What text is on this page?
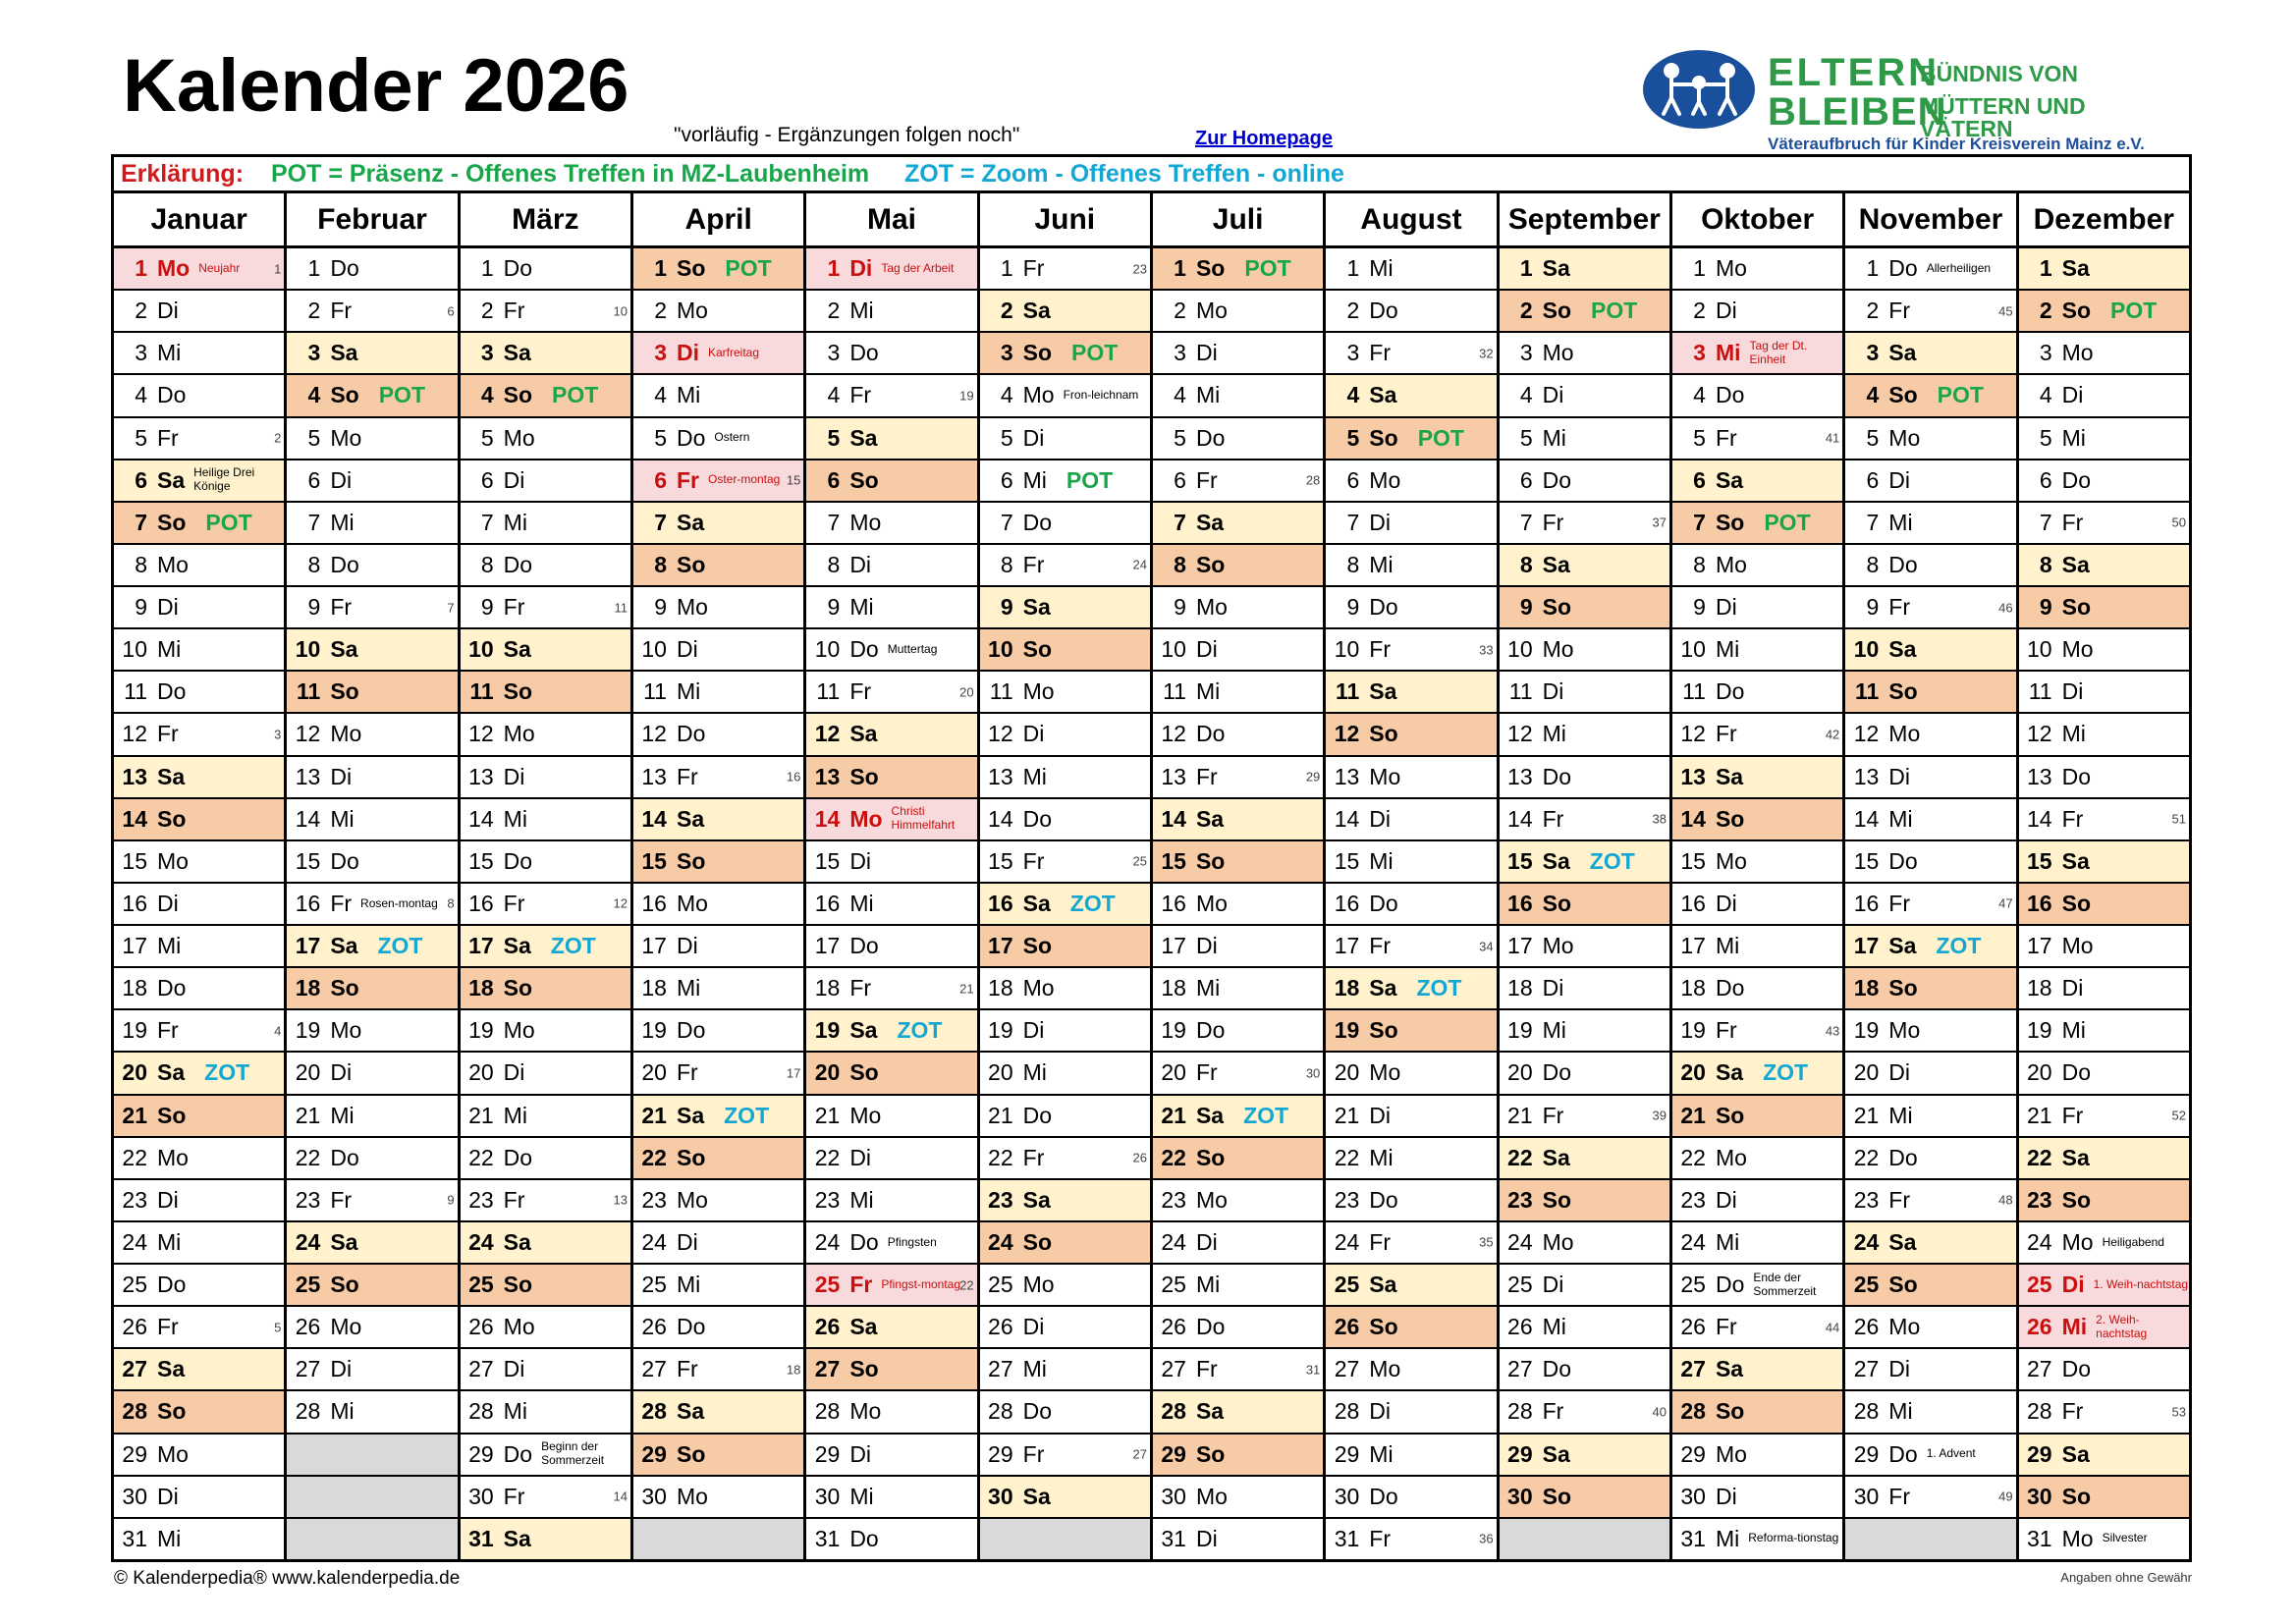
Kalender 2026
"vorläufig - Ergänzungen folgen noch"	Zur Homepage
ELTERN
BLEIBEN
BÜNDNIS VON
MÜTTERN UND VÄTERN
Väteraufbruch für Kinder Kreisverein Mainz e.V.
Erklärung: POT = Präsenz - Offenes Treffen in MZ-Laubenheim ZOT = Zoom - Offenes Treffen - online
Januar
1 Mo Neujahr	1
2 Di
3 Mi
4 Do
5 Fr	2
6 Sa Heilige Drei Könige
7 So POT
8 Mo
9 Di
10 Mi
11 Do
12 Fr	3
13 Sa
14 So
15 Mo
16 Di
17 Mi
18 Do
19 Fr	4
20 Sa ZOT
21 So
22 Mo
23 Di
24 Mi
25 Do
26 Fr	5
27 Sa
28 So
29 Mo
30 Di
31 Mi
Februar
1 Do
2 Fr	6
3 Sa
4 So POT
5 Mo
6 Di
7 Mi
8 Do
9 Fr	7
10 Sa
11 So
12 Mo
13 Di
14 Mi
15 Do
16 Fr Rosen-montag 8
17 Sa ZOT
18 So
19 Mo
20 Di
21 Mi
22 Do
23 Fr	9
24 Sa
25 So
26 Mo
27 Di
28 Mi
März
1 Do
2 Fr	10
3 Sa
4 So POT
5 Mo
6 Di
7 Mi
8 Do
9 Fr	11
10 Sa
11 So
12 Mo
13 Di
14 Mi
15 Do
16 Fr	12
17 Sa ZOT
18 So
19 Mo
20 Di
21 Mi
22 Do
23 Fr	13
24 Sa
25 So
26 Mo
27 Di
28 Mi
29 Do Beginn der Sommerzeit
30 Fr	14
31 Sa
April
1 So POT
2 Mo
3 Di Karfreitag
4 Mi
5 Do Ostern
6 Fr Oster-montag 15
7 Sa
8 So
9 Mo
10 Di
11 Mi
12 Do
13 Fr	16
14 Sa
15 So
16 Mo
17 Di
18 Mi
19 Do
20 Fr	17
21 Sa ZOT
22 So
23 Mo
24 Di
25 Mi
26 Do
27 Fr	18
28 Sa
29 So
30 Mo
Mai
1 Di Tag der Arbeit
2 Mi
3 Do
4 Fr	19
5 Sa
6 So
7 Mo
8 Di
9 Mi
10 Do Muttertag
11 Fr	20
12 Sa
13 So
14 Mo Christi Himmelfahrt
15 Di
16 Mi
17 Do
18 Fr	21
19 Sa ZOT
20 So
21 Mo
22 Di
23 Mi
24 Do Pfingsten
25 Fr Pfingst-montag 22
26 Sa
27 So
28 Mo
29 Di
30 Mi
31 Do
Juni
1 Fr	23
2 Sa
3 So POT
4 Mo Fron-leichnam
5 Di
6 Mi POT
7 Do
8 Fr	24
9 Sa
10 So
11 Mo
12 Di
13 Mi
14 Do
15 Fr	25
16 Sa ZOT
17 So
18 Mo
19 Di
20 Mi
21 Do
22 Fr	26
23 Sa
24 So
25 Mo
26 Di
27 Mi
28 Do
29 Fr	27
30 Sa
Juli
1 So POT
2 Mo
3 Di
4 Mi
5 Do
6 Fr	28
7 Sa
8 So
9 Mo
10 Di
11 Mi
12 Do
13 Fr	29
14 Sa
15 So
16 Mo
17 Di
18 Mi
19 Do
20 Fr	30
21 Sa ZOT
22 So
23 Mo
24 Di
25 Mi
26 Do
27 Fr	31
28 Sa
29 So
30 Mo
31 Di
August
1 Mi
2 Do
3 Fr	32
4 Sa
5 So POT
6 Mo
7 Di
8 Mi
9 Do
10 Fr	33
11 Sa
12 So
13 Mo
14 Di
15 Mi
16 Do
17 Fr	34
18 Sa ZOT
19 So
20 Mo
21 Di
22 Mi
23 Do
24 Fr	35
25 Sa
26 So
27 Mo
28 Di
29 Mi
30 Do
31 Fr	36
September
1 Sa
2 So POT
3 Mo
4 Di
5 Mi
6 Do
7 Fr	37
8 Sa
9 So
10 Mo
11 Di
12 Mi
13 Do
14 Fr	38
15 Sa ZOT
16 So
17 Mo
18 Di
19 Mi
20 Do
21 Fr	39
22 Sa
23 So
24 Mo
25 Di
26 Mi
27 Do
28 Fr	40
29 Sa
30 So
Oktober
1 Mo
2 Di
3 Mi Tag der Dt. Einheit
4 Do
5 Fr	41
6 Sa
7 So POT
8 Mo
9 Di
10 Mi
11 Do
12 Fr	42
13 Sa
14 So
15 Mo
16 Di
17 Mi
18 Do
19 Fr	43
20 Sa ZOT
21 So
22 Mo
23 Di
24 Mi
25 Do Ende der Sommerzeit
26 Fr	44
27 Sa
28 So
29 Mo
30 Di
31 Mi Reforma-tionstag
November
1 Do Allerheiligen
2 Fr	45
3 Sa
4 So POT
5 Mo
6 Di
7 Mi
8 Do
9 Fr	46
10 Sa
11 So
12 Mo
13 Di
14 Mi
15 Do
16 Fr	47
17 Sa ZOT
18 So
19 Mo
20 Di
21 Mi
22 Do
23 Fr	48
24 Sa
25 So
26 Mo
27 Di
28 Mi
29 Do 1. Advent
30 Fr	49
Dezember
1 Sa
2 So POT
3 Mo
4 Di
5 Mi
6 Do
7 Fr	50
8 Sa
9 So
10 Mo
11 Di
12 Mi
13 Do
14 Fr	51
15 Sa
16 So
17 Mo
18 Di
19 Mi
20 Do
21 Fr	52
22 Sa
23 So
24 Mo Heiligabend
25 Di 1. Weih-nachtstag
26 Mi 2. Weih-nachtstag
27 Do
28 Fr	53
29 Sa
30 So
31 Mo Silvester
© Kalenderpedia® www.kalenderpedia.de	Angaben ohne Gewähr
